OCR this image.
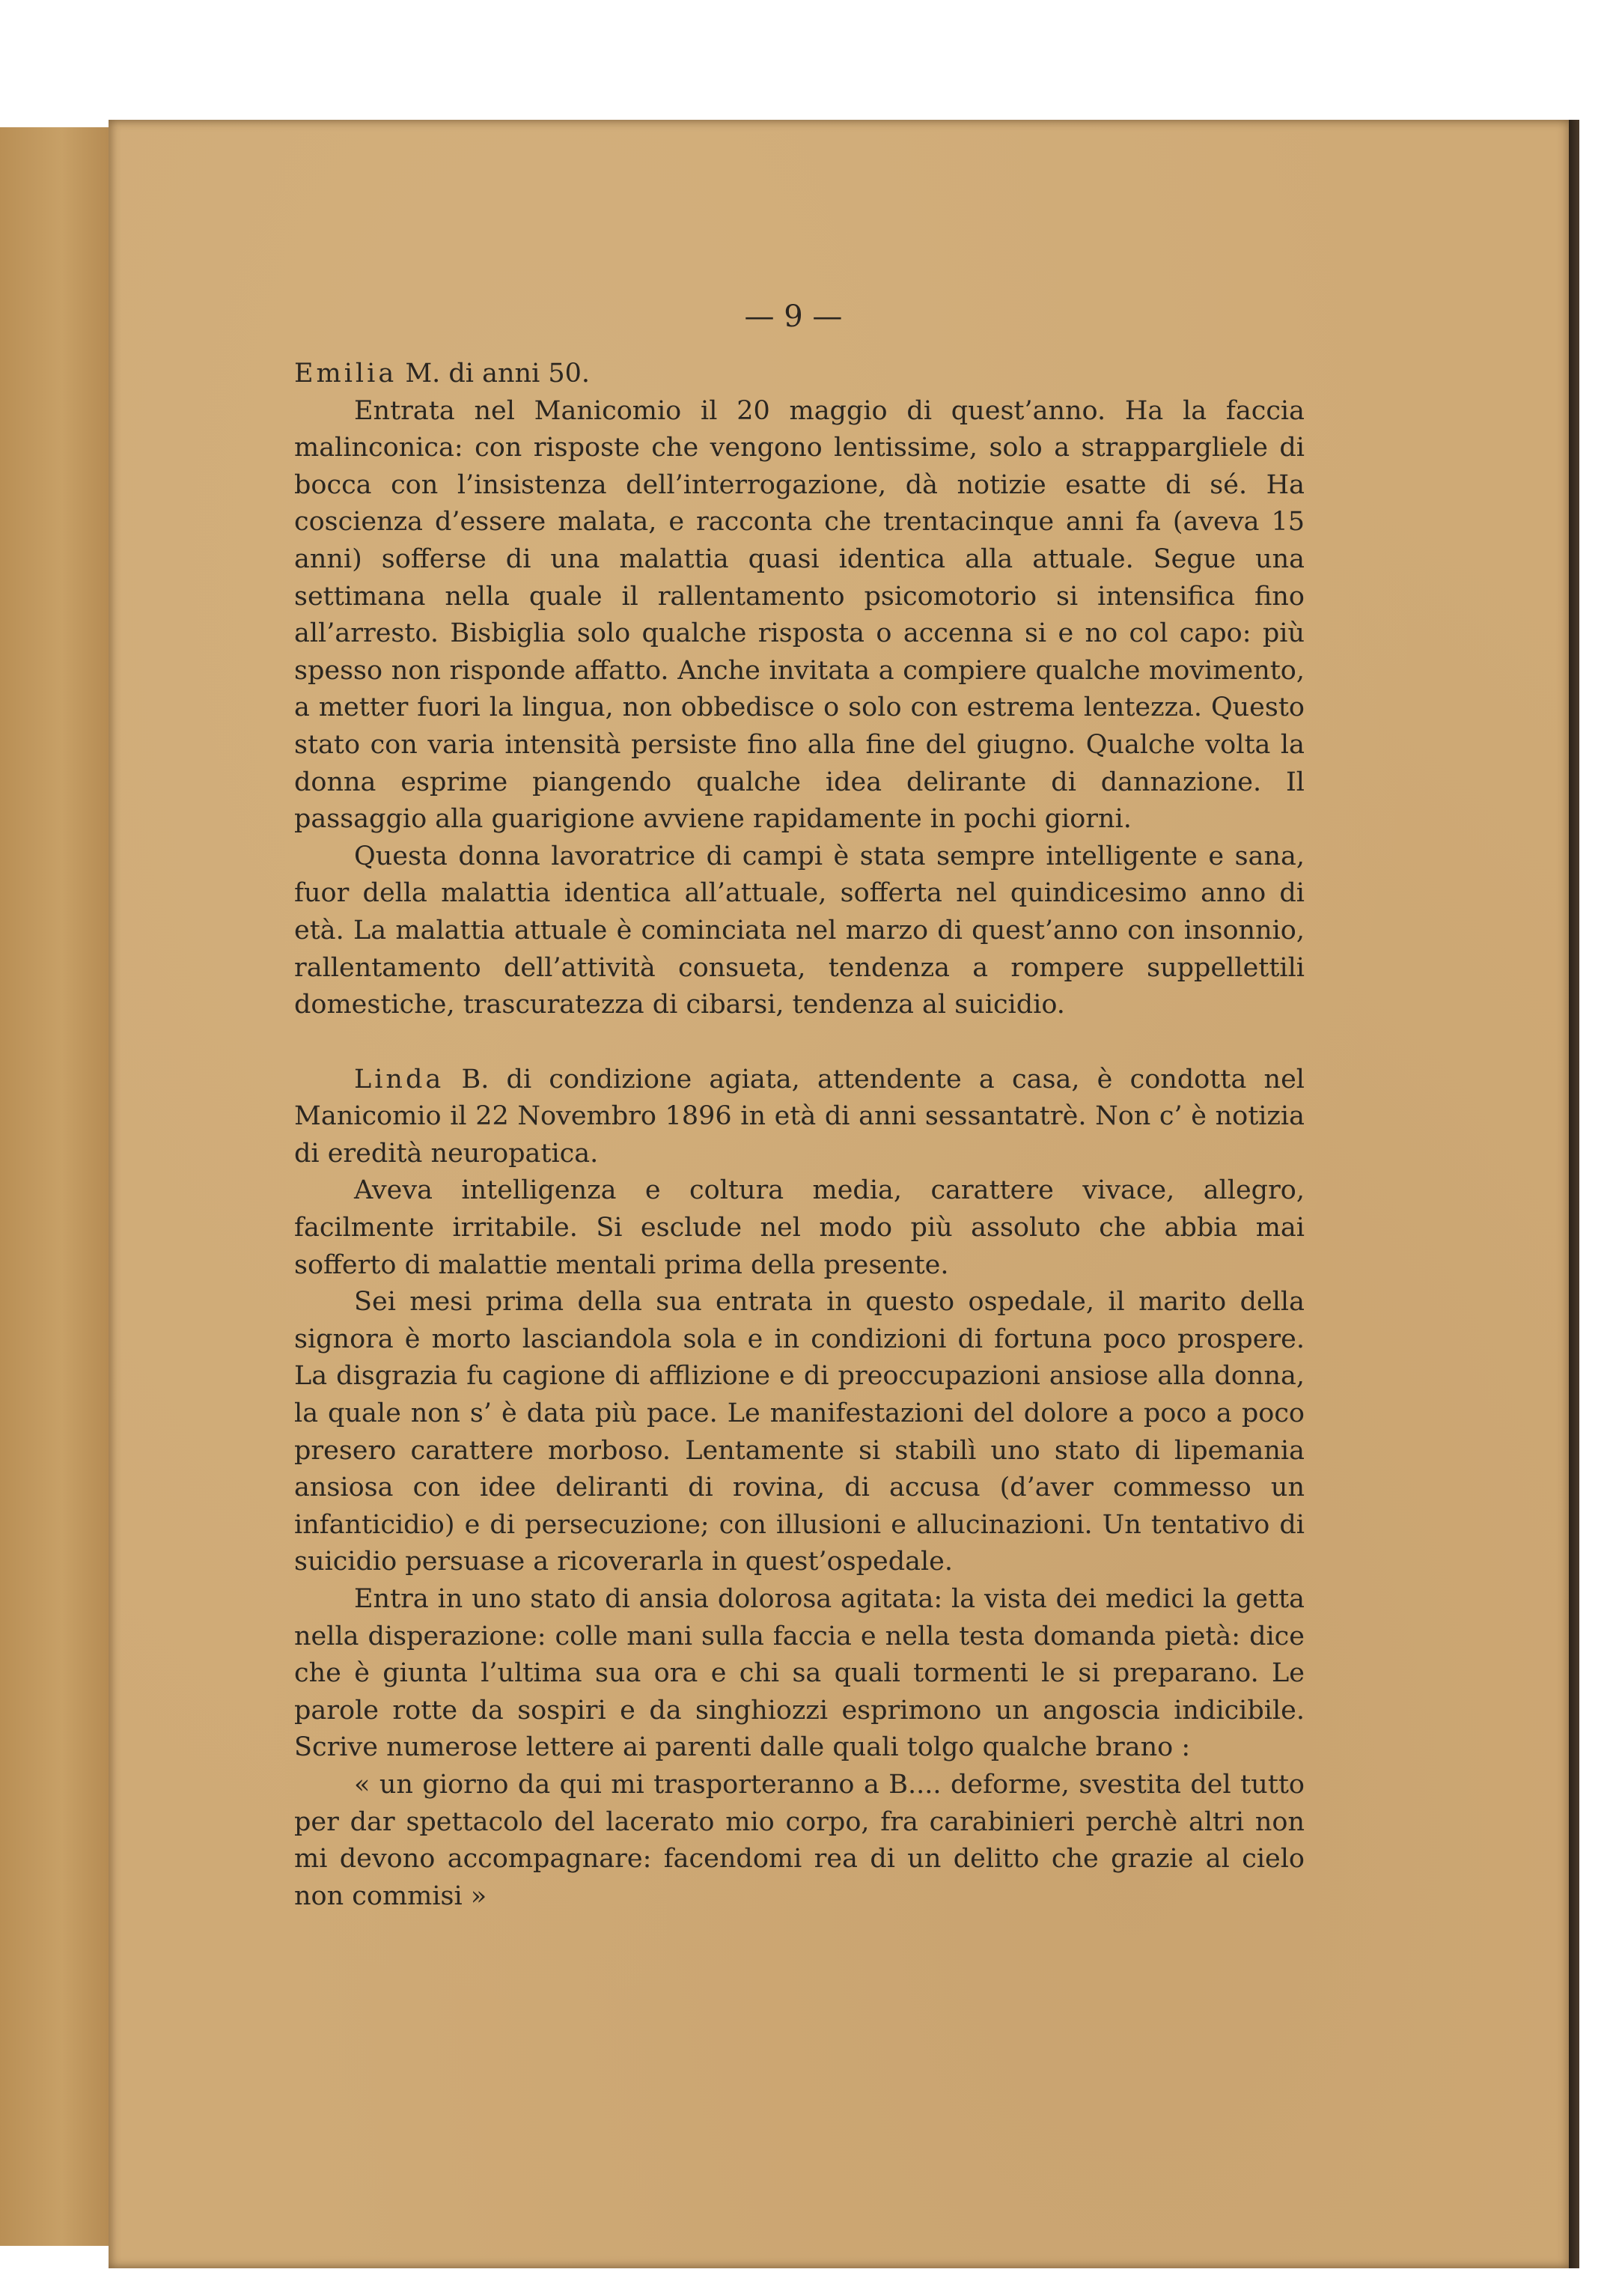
— 9 —

Emilia M. di anni 50.

Entrata nel Manicomio il 20 maggio di quest’anno. Ha la faccia malinconica: con risposte che vengono lentissime, solo a strappargliele di bocca con l’insistenza dell’interrogazione, dà notizie esatte di sé. Ha coscienza d’essere malata, e racconta che trentacinque anni fa (aveva 15 anni) sofferse di una malattia quasi identica alla attuale. Segue una settimana nella quale il rallentamento psicomotorio si intensifica fino all’arresto. Bisbiglia solo qualche risposta o accenna si e no col capo: più spesso non risponde affatto. Anche invitata a compiere qualche movimento, a metter fuori la lingua, non obbedisce o solo con estrema lentezza. Questo stato con varia intensità persiste fino alla fine del giugno. Qualche volta la donna esprime piangendo qualche idea delirante di dannazione. Il passaggio alla guarigione avviene rapidamente in pochi giorni.

Questa donna lavoratrice di campi è stata sempre intelligente e sana, fuor della malattia identica all’attuale, sofferta nel quindicesimo anno di età. La malattia attuale è cominciata nel marzo di quest’anno con insonnio, rallentamento dell’attività consueta, tendenza a rompere suppellettili domestiche, trascuratezza di cibarsi, tendenza al suicidio.

Linda B. di condizione agiata, attendente a casa, è condotta nel Manicomio il 22 Novembro 1896 in età di anni sessantatrè. Non c’ è notizia di eredità neuropatica.

Aveva intelligenza e coltura media, carattere vivace, allegro, facilmente irritabile. Si esclude nel modo più assoluto che abbia mai sofferto di malattie mentali prima della presente.

Sei mesi prima della sua entrata in questo ospedale, il marito della signora è morto lasciandola sola e in condizioni di fortuna poco prospere. La disgrazia fu cagione di afflizione e di preoccupazioni ansiose alla donna, la quale non s’ è data più pace. Le manifestazioni del dolore a poco a poco presero carattere morboso. Lentamente si stabilì uno stato di lipemania ansiosa con idee deliranti di rovina, di accusa (d’aver commesso un infanticidio) e di persecuzione; con illusioni e allucinazioni. Un tentativo di suicidio persuase a ricoverarla in quest’ospedale.

Entra in uno stato di ansia dolorosa agitata: la vista dei medici la getta nella disperazione: colle mani sulla faccia e nella testa domanda pietà: dice che è giunta l’ultima sua ora e chi sa quali tormenti le si preparano. Le parole rotte da sospiri e da singhiozzi esprimono un angoscia indicibile. Scrive numerose lettere ai parenti dalle quali tolgo qualche brano :

« un giorno da qui mi trasporteranno a B.... deforme, svestita del tutto per dar spettacolo del lacerato mio corpo, fra carabinieri perchè altri non mi devono accompagnare: facendomi rea di un delitto che grazie al cielo non commisi »
